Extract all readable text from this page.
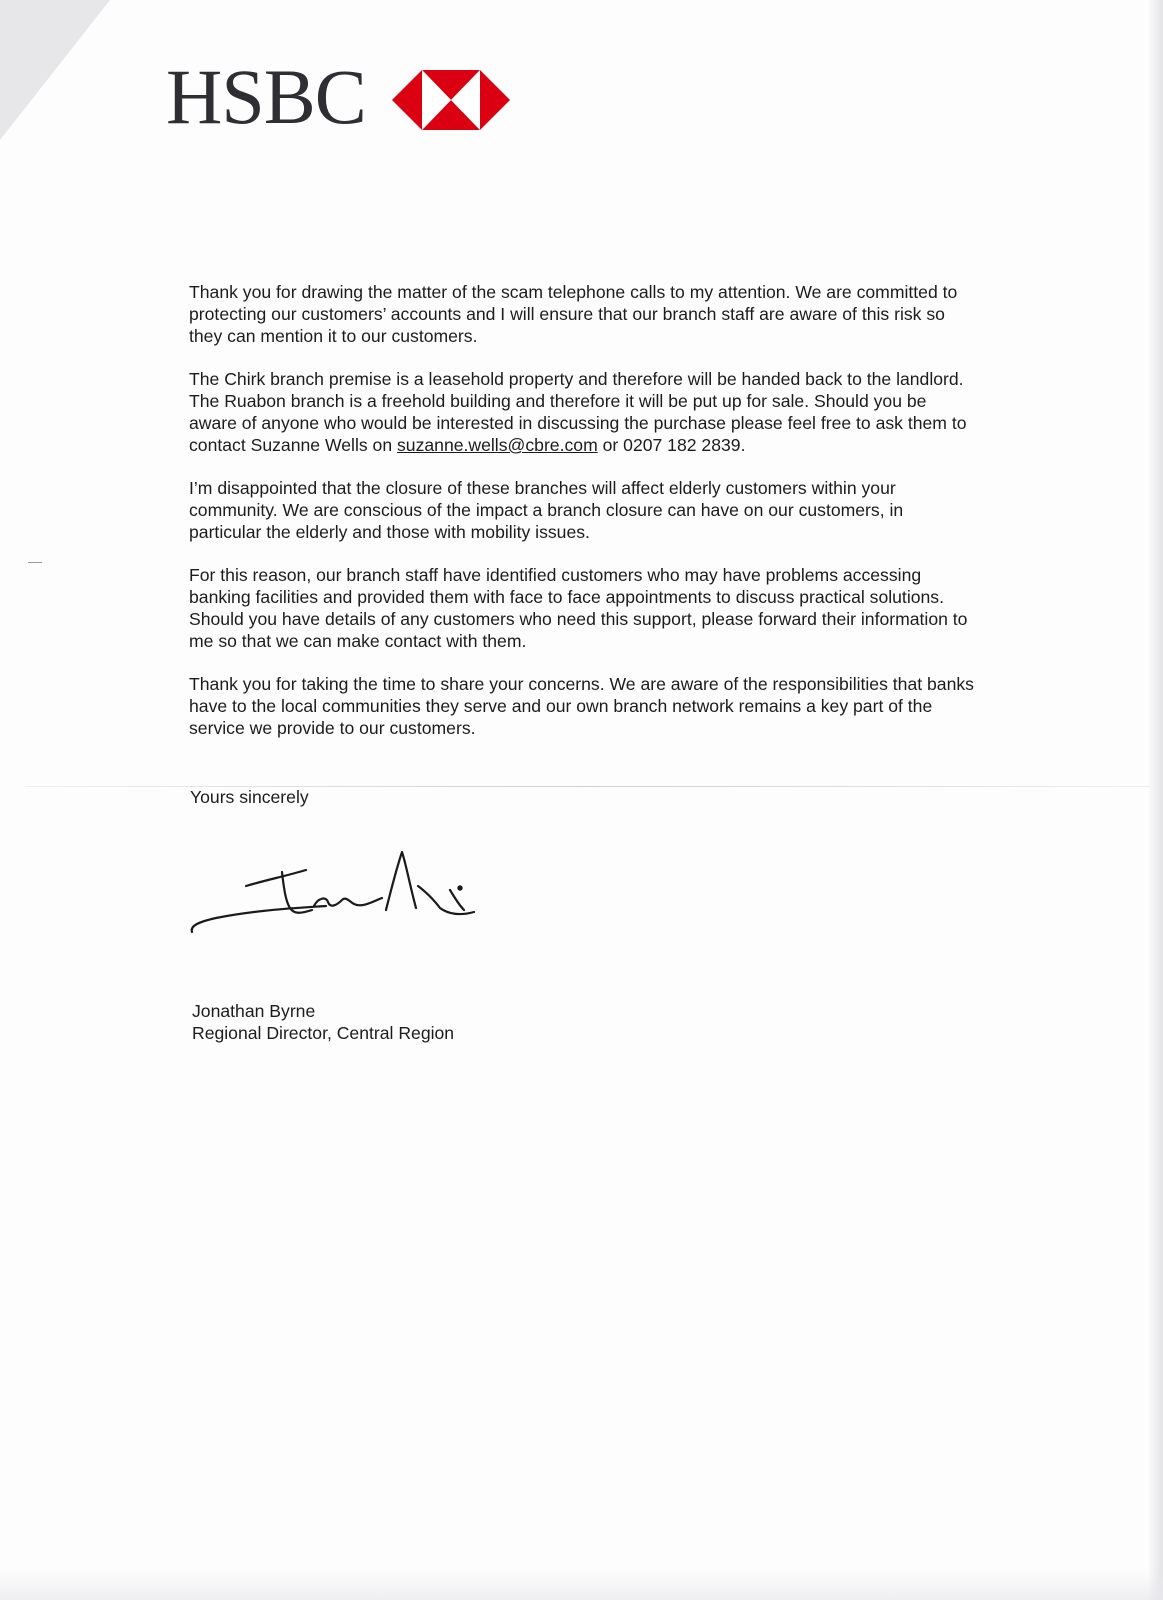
HSBC

Thank you for drawing the matter of the scam telephone calls to my attention. We are committed to protecting our customers’ accounts and I will ensure that our branch staff are aware of this risk so they can mention it to our customers.

The Chirk branch premise is a leasehold property and therefore will be handed back to the landlord. The Ruabon branch is a freehold building and therefore it will be put up for sale. Should you be aware of anyone who would be interested in discussing the purchase please feel free to ask them to contact Suzanne Wells on suzanne.wells@cbre.com or 0207 182 2839.

I’m disappointed that the closure of these branches will affect elderly customers within your community. We are conscious of the impact a branch closure can have on our customers, in particular the elderly and those with mobility issues.

For this reason, our branch staff have identified customers who may have problems accessing banking facilities and provided them with face to face appointments to discuss practical solutions. Should you have details of any customers who need this support, please forward their information to me so that we can make contact with them.

Thank you for taking the time to share your concerns. We are aware of the responsibilities that banks have to the local communities they serve and our own branch network remains a key part of the service we provide to our customers.

Yours sincerely
Jonathan Byrne
Regional Director, Central Region
